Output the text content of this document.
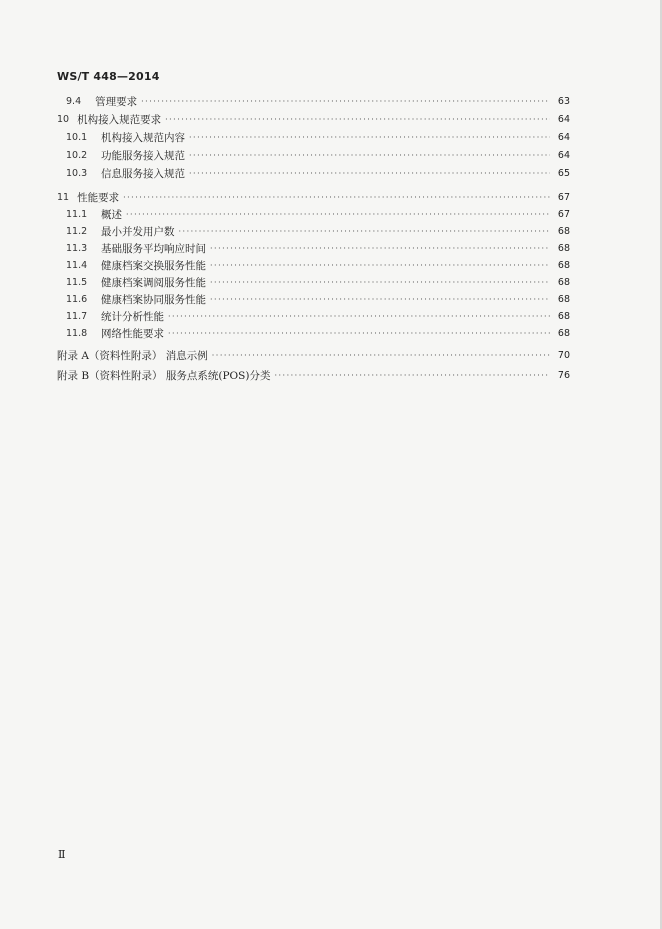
WS/T 448—2014
9.4 管理要求 ·····	63
10 机构接入规范要求 ·····	64
10.1	机构接入规范内容 ·····	64
10.2	功能服务接入规范 ·····	64
10.3	信息服务接入规范 ·····	65
11 性能要求 ·····	67
11.1	概述 ·····	67
11.2	最小并发用户数 ·····	68
11.3	基础服务平均响应时间 ·····	68
11.4	健康档案交换服务性能 ·····	68
11.5	健康档案调阅服务性能 ·····	68
11.6	健康档案协同服务性能 ·····	68
11.7	统计分析性能 ·····	68
11.8	网络性能要求 ·····	68
附录 A （资料性附录） 消息示例 ·····	70
附录 B （资料性附录） 服务点系统(POS)分类 ·····	76
Ⅱ
